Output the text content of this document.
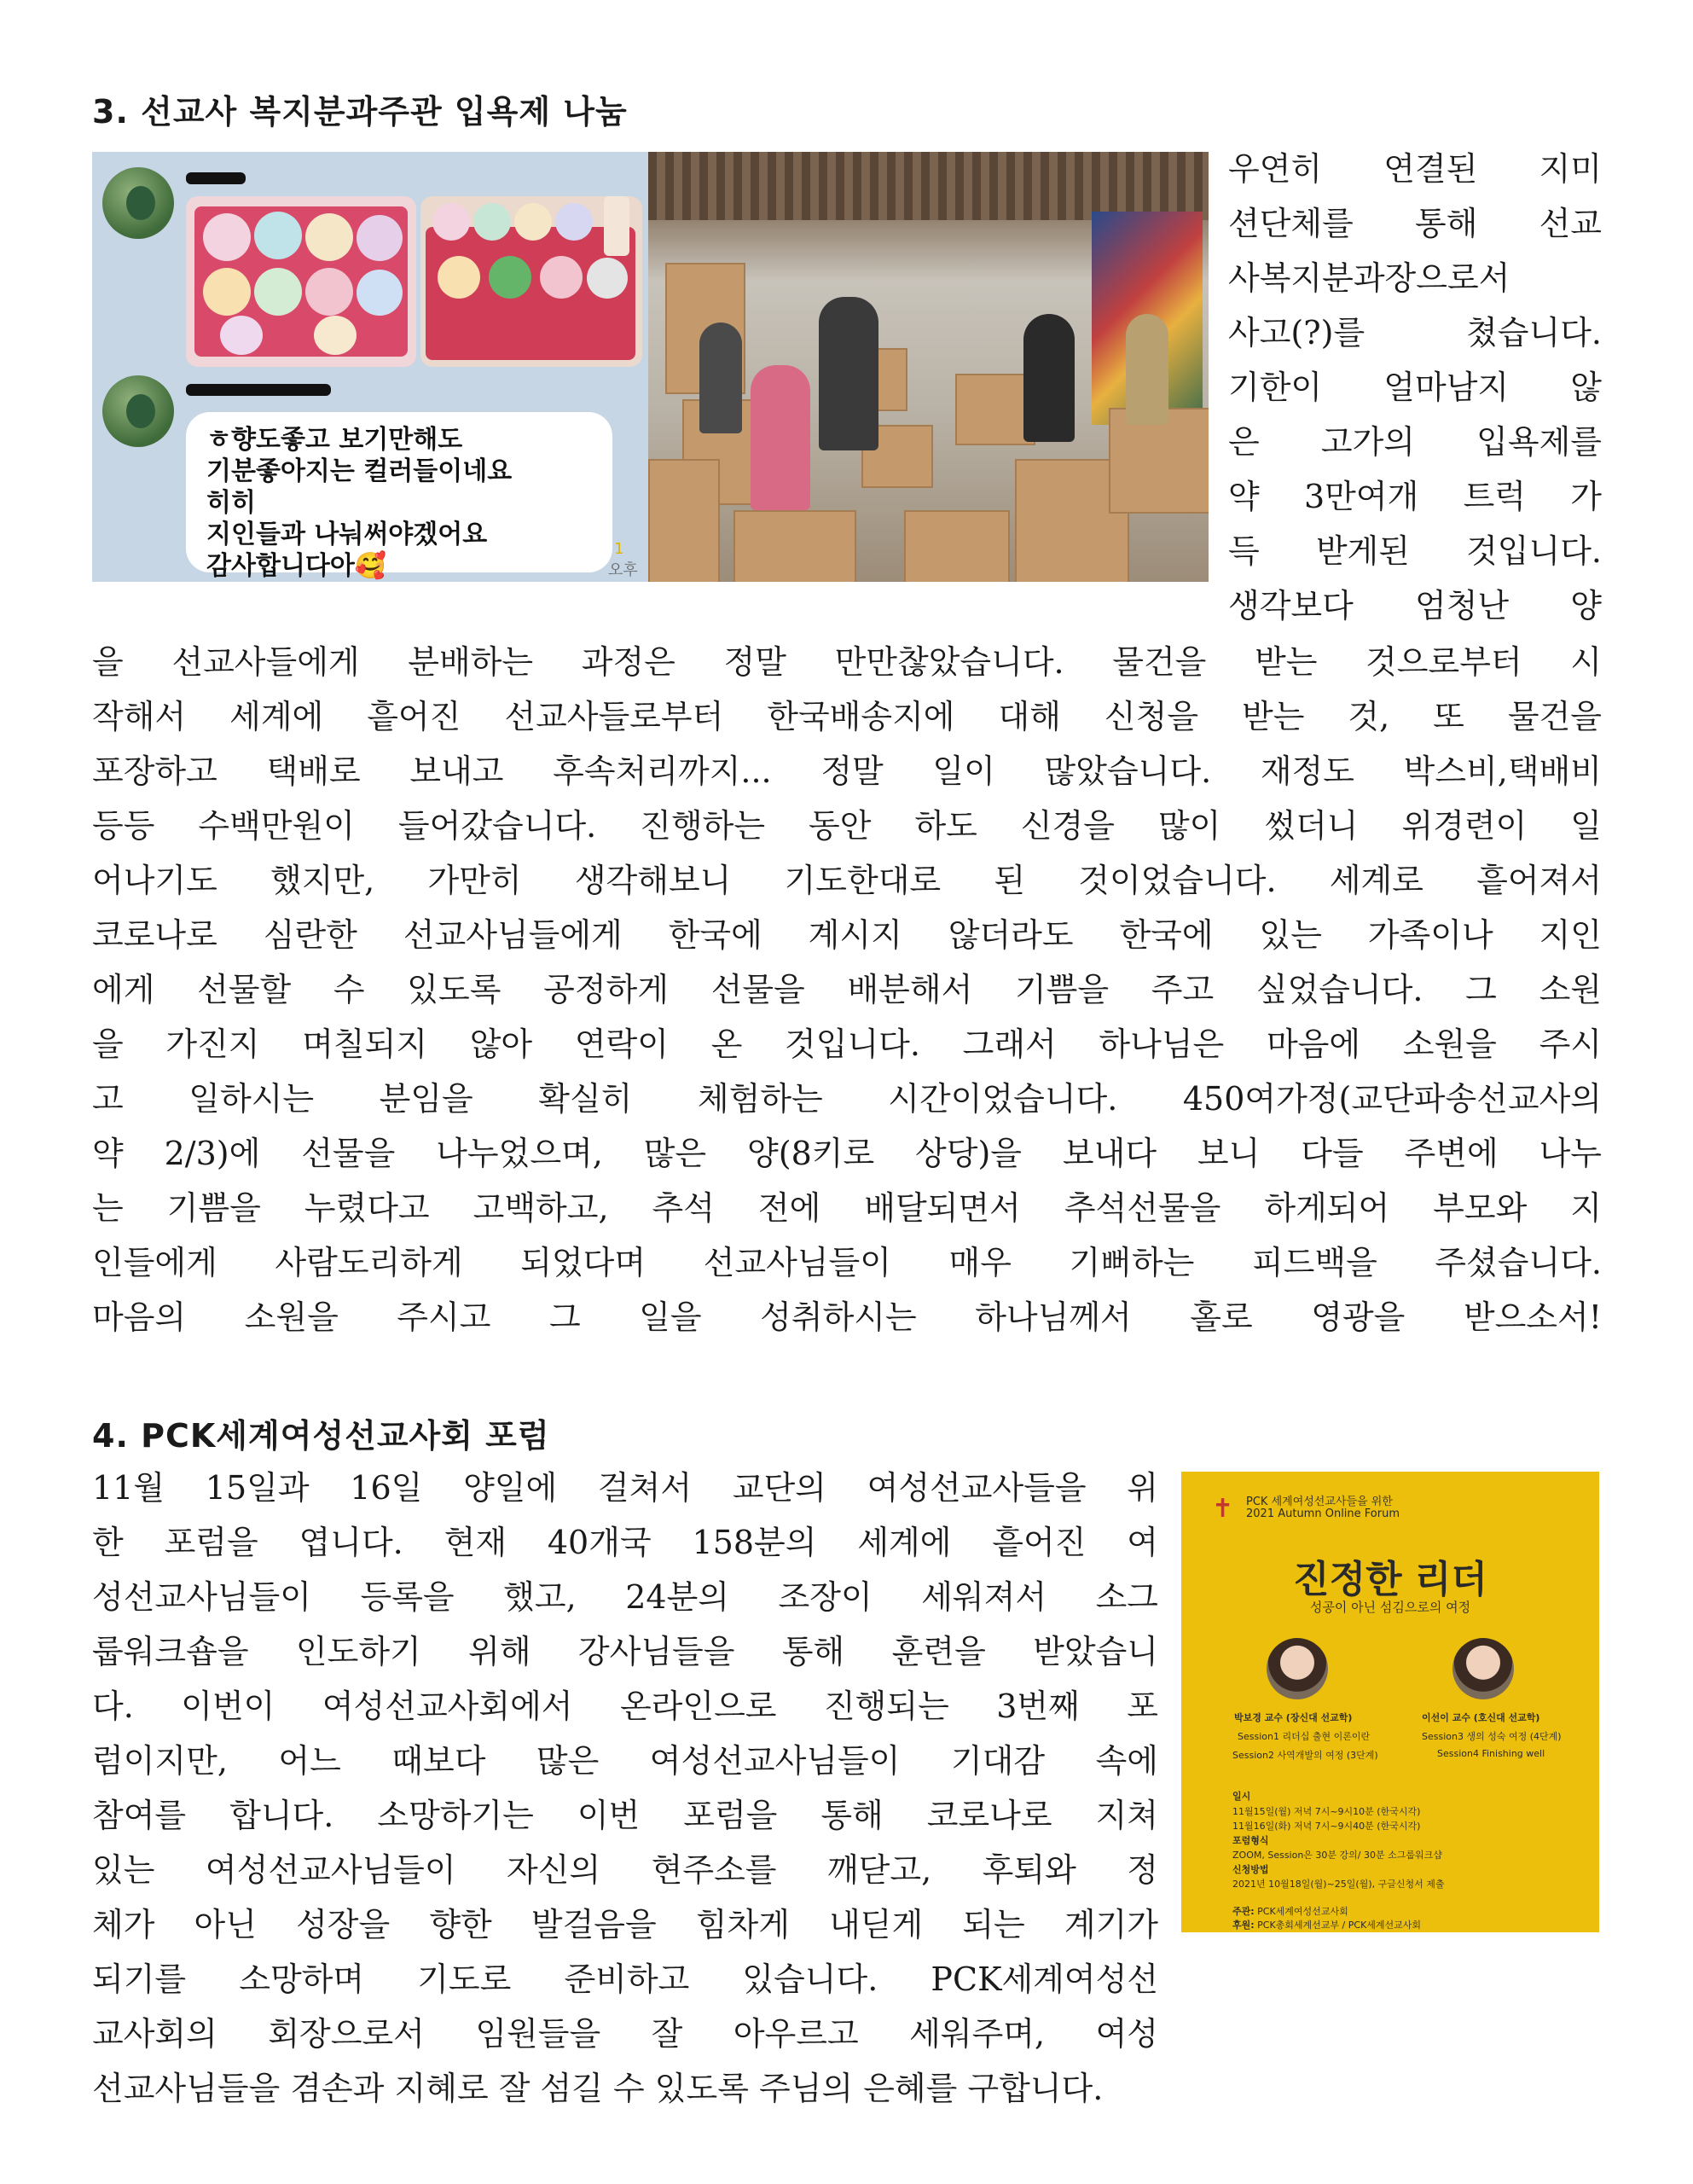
3. 선교사 복지분과주관 입욕제 나눔
ㅎ향도좋고 보기만해도
기분좋아지는 컬러들이네요
히히
지인들과 나눠써야겠어요
감사합니다아🥰
1
오후
우연히 연결된 지미
션단체를 통해 선교
사복지분과장으로서
사고(?)를 쳤습니다.
기한이 얼마남지 않
은 고가의 입욕제를
약 3만여개 트럭 가
득 받게된 것입니다.
생각보다 엄청난 양
을 선교사들에게 분배하는 과정은 정말 만만찮았습니다. 물건을 받는 것으로부터 시
작해서 세계에 흩어진 선교사들로부터 한국배송지에 대해 신청을 받는 것, 또 물건을
포장하고 택배로 보내고 후속처리까지... 정말 일이 많았습니다. 재정도 박스비,택배비
등등 수백만원이 들어갔습니다. 진행하는 동안 하도 신경을 많이 썼더니 위경련이 일
어나기도 했지만, 가만히 생각해보니 기도한대로 된 것이었습니다. 세계로 흩어져서
코로나로 심란한 선교사님들에게 한국에 계시지 않더라도 한국에 있는 가족이나 지인
에게 선물할 수 있도록 공정하게 선물을 배분해서 기쁨을 주고 싶었습니다. 그 소원
을 가진지 며칠되지 않아 연락이 온 것입니다. 그래서 하나님은 마음에 소원을 주시
고 일하시는 분임을 확실히 체험하는 시간이었습니다. 450여가정(교단파송선교사의
약 2/3)에 선물을 나누었으며, 많은 양(8키로 상당)을 보내다 보니 다들 주변에 나누
는 기쁨을 누렸다고 고백하고, 추석 전에 배달되면서 추석선물을 하게되어 부모와 지
인들에게 사람도리하게 되었다며 선교사님들이 매우 기뻐하는 피드백을 주셨습니다.
마음의 소원을 주시고 그 일을 성취하시는 하나님께서 홀로 영광을 받으소서!
4. PCK세계여성선교사회 포럼
11월 15일과 16일 양일에 걸쳐서 교단의 여성선교사들을 위
한 포럼을 엽니다. 현재 40개국 158분의 세계에 흩어진 여
성선교사님들이 등록을 했고, 24분의 조장이 세워져서 소그
룹워크숍을 인도하기 위해 강사님들을 통해 훈련을 받았습니
다. 이번이 여성선교사회에서 온라인으로 진행되는 3번째 포
럼이지만, 어느 때보다 많은 여성선교사님들이 기대감 속에
참여를 합니다. 소망하기는 이번 포럼을 통해 코로나로 지쳐
있는 여성선교사님들이 자신의 현주소를 깨닫고, 후퇴와 정
체가 아닌 성장을 향한 발걸음을 힘차게 내딛게 되는 계기가
되기를 소망하며 기도로 준비하고 있습니다. PCK세계여성선
교사회의 회장으로서 임원들을 잘 아우르고 세워주며, 여성
선교사님들을 겸손과 지혜로 잘 섬길 수 있도록 주님의 은혜를 구합니다.
✝ PCK 세계여성선교사들을 위한
2021 Autumn Online Forum
진정한 리더
성공이 아닌 섬김으로의 여정
박보경 교수 (장신대 선교학)
Session1 리더십 출현 이론이란
Session2 사역개발의 여정 (3단계)
이선이 교수 (호신대 선교학)
Session3 생의 성숙 여정 (4단계)
Session4 Finishing well
일시
11월15일(월) 저녁 7시~9시10분 (한국시각)
11월16일(화) 저녁 7시~9시40분 (한국시각)
포럼형식
ZOOM, Session은 30분 강의/ 30분 소그룹워크샵
신청방법
2021년 10월18일(월)~25일(월), 구글신청서 제출
주관: PCK세계여성선교사회
후원: PCK총회세계선교부 / PCK세계선교사회
